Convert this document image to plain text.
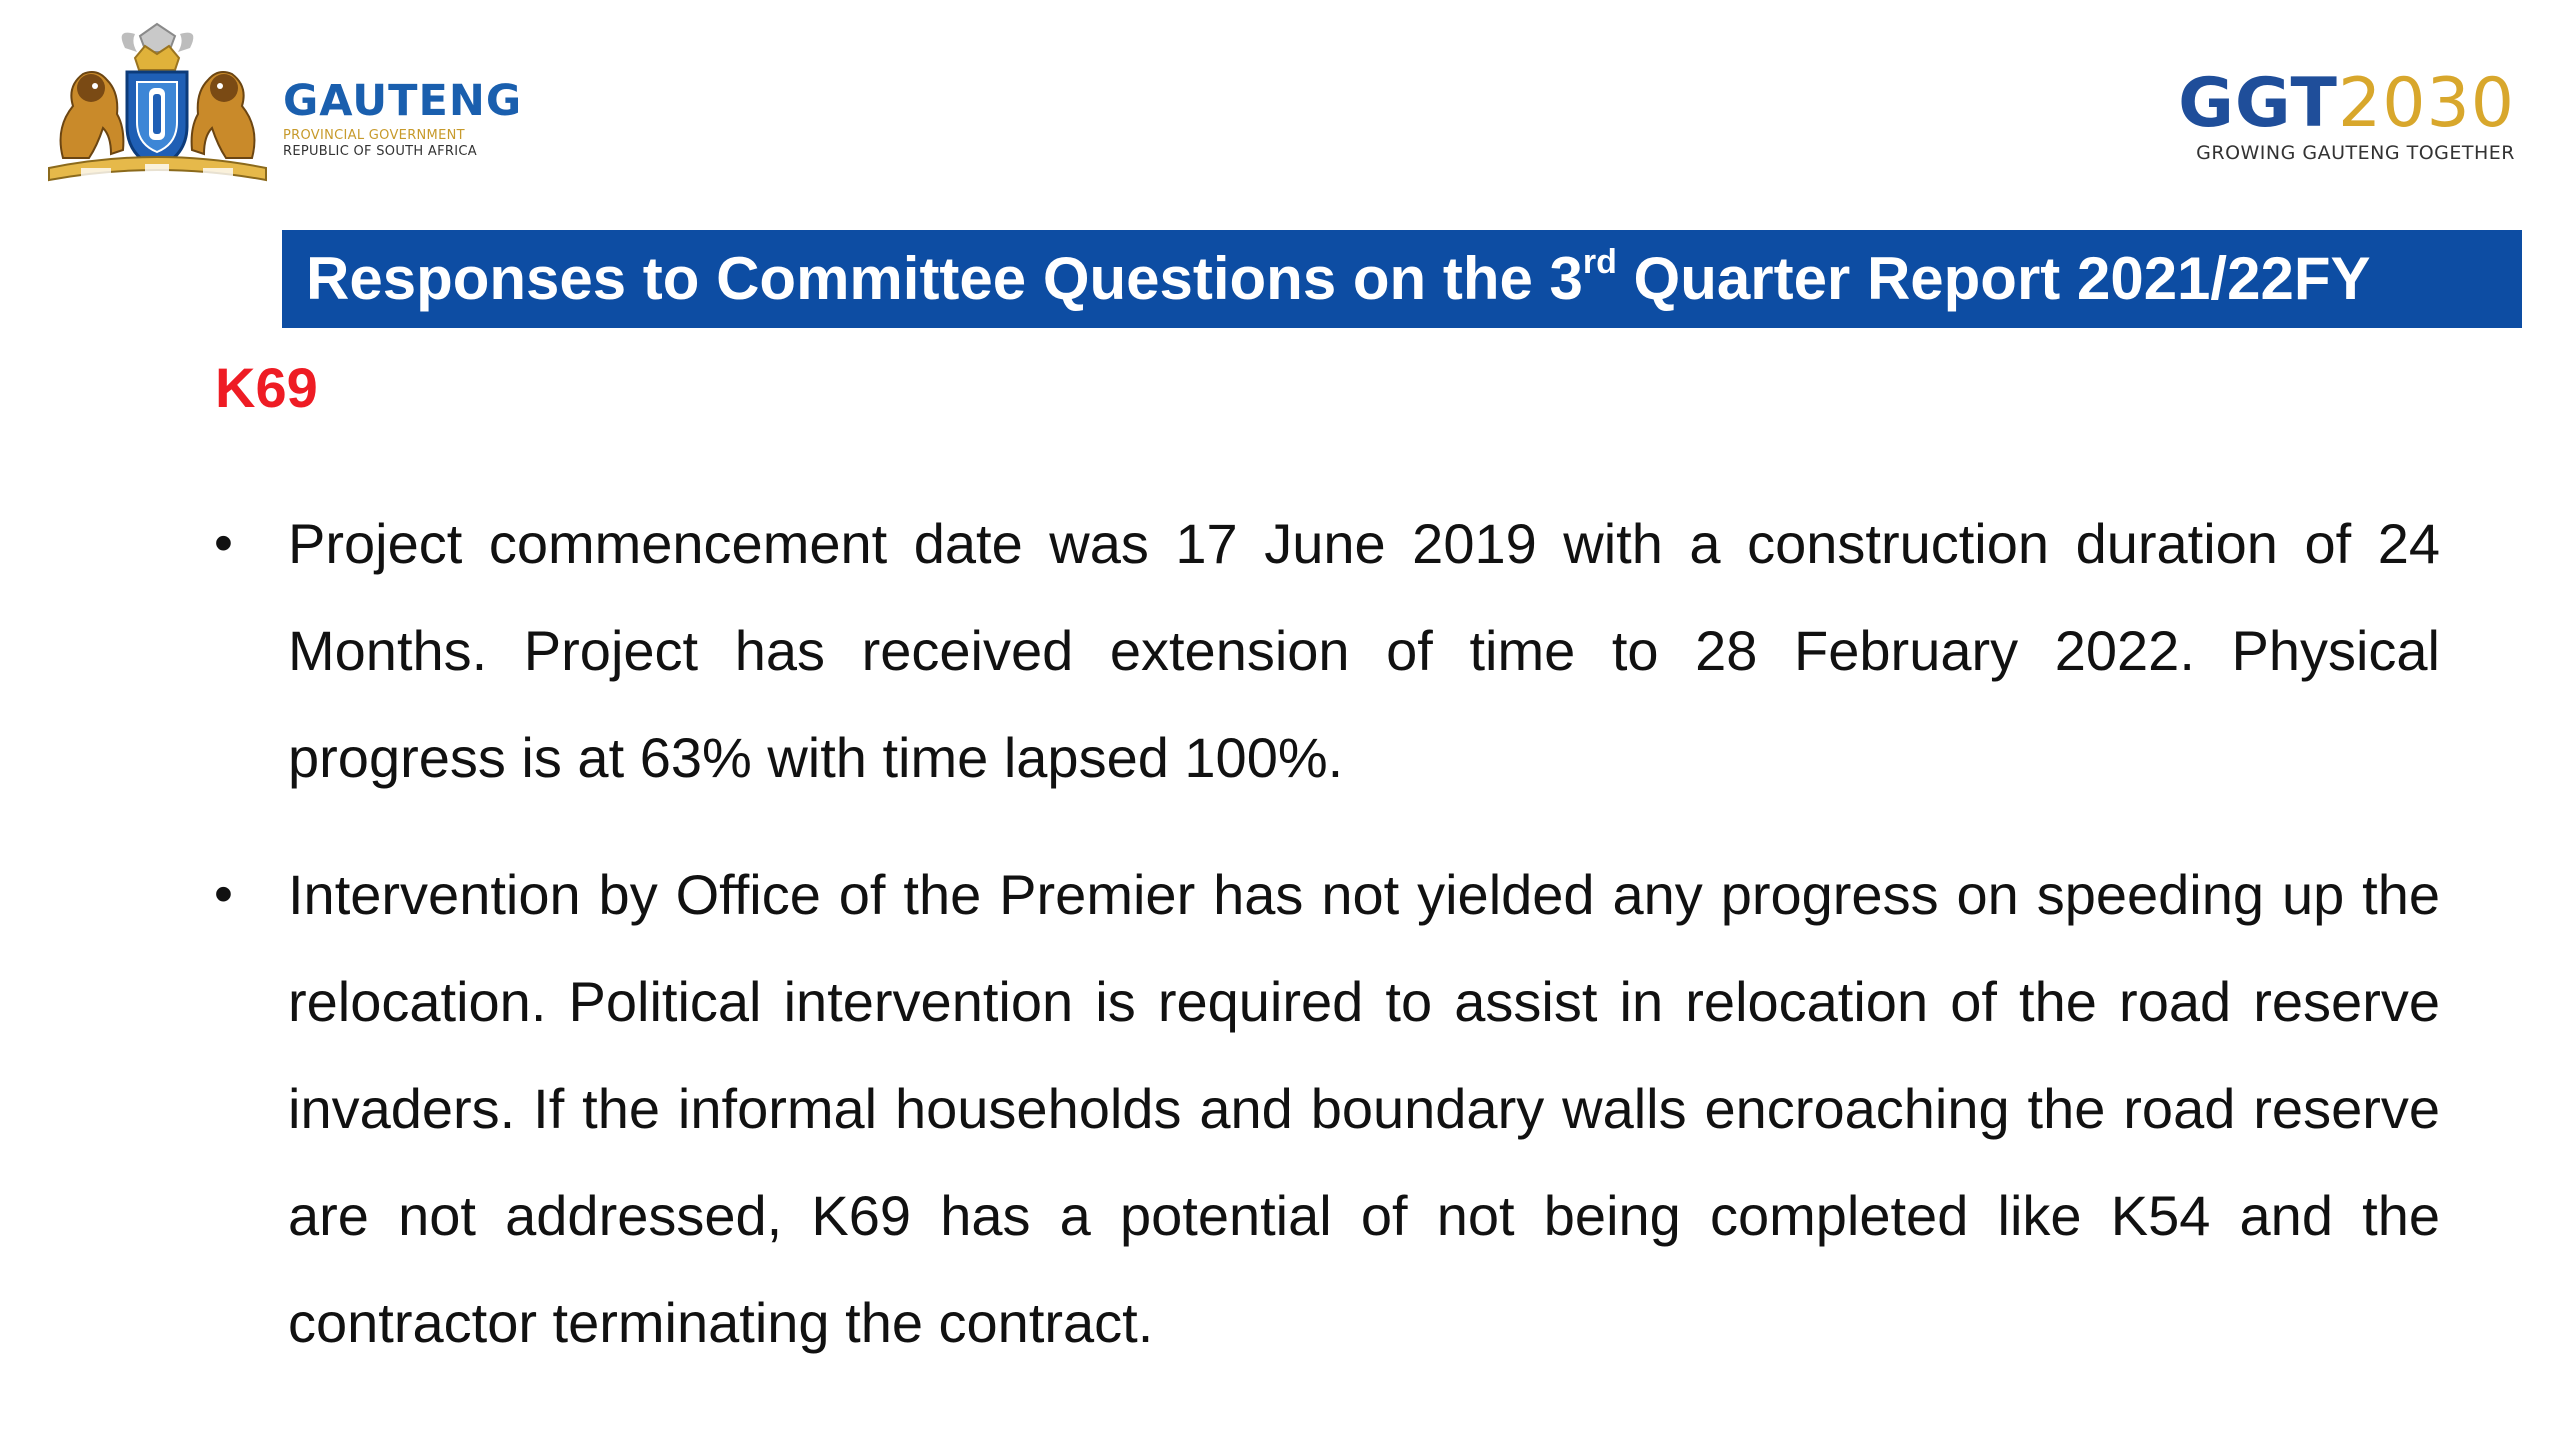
GAUTENG
PROVINCIAL GOVERNMENT
REPUBLIC OF SOUTH AFRICA
GGT2030
GROWING GAUTENG TOGETHER
Responses to Committee Questions on the 3rd Quarter Report 2021/22FY
K69
• Project commencement date was 17 June 2019 with a construction duration of 24 Months. Project has received extension of time to 28 February 2022. Physical progress is at 63% with time lapsed 100%.

• Intervention by Office of the Premier has not yielded any progress on speeding up the relocation. Political intervention is required to assist in relocation of the road reserve invaders. If the informal households and boundary walls encroaching the road reserve are not addressed, K69 has a potential of not being completed like K54 and the contractor terminating the contract.
